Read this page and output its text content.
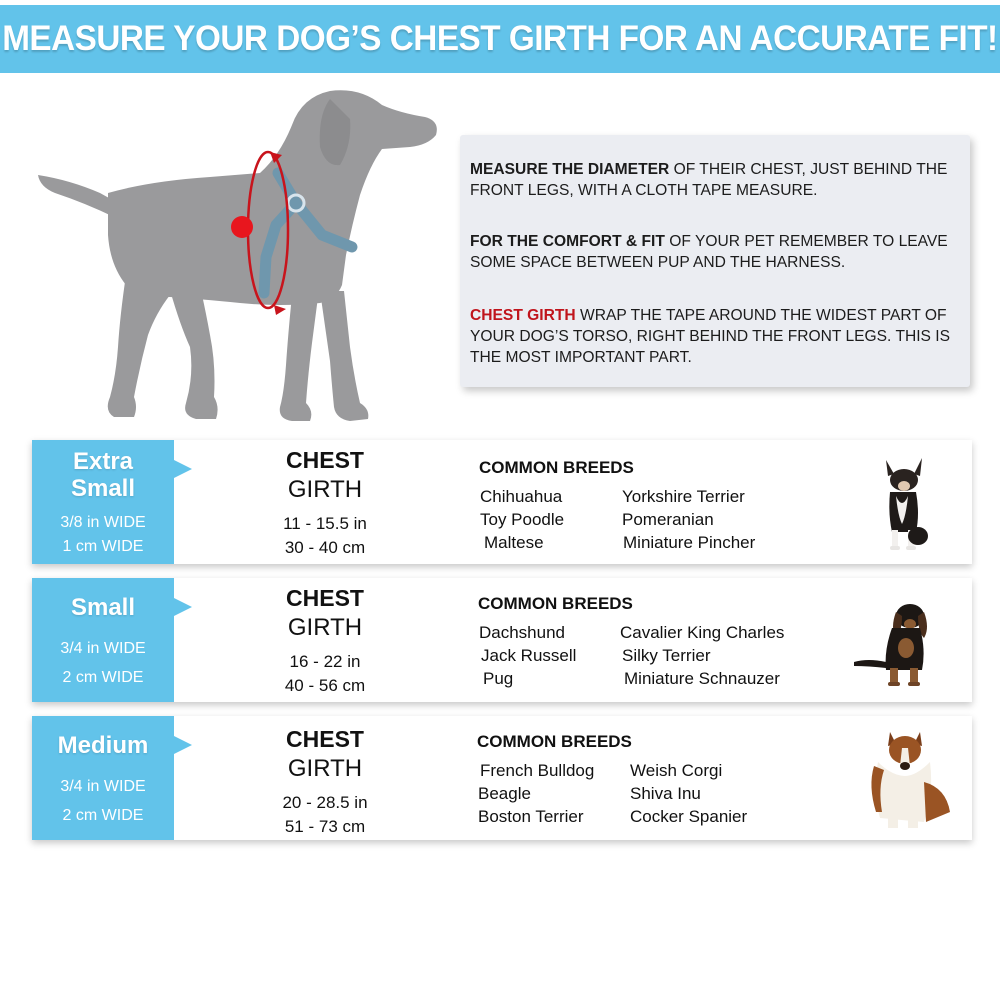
MEASURE YOUR DOG’S CHEST GIRTH FOR AN ACCURATE FIT!

MEASURE THE DIAMETER OF THEIR CHEST, JUST BEHIND THE FRONT LEGS, WITH A CLOTH TAPE MEASURE.

FOR THE COMFORT & FIT OF YOUR PET REMEMBER TO LEAVE SOME SPACE BETWEEN PUP AND THE HARNESS.

CHEST GIRTH WRAP THE TAPE AROUND THE WIDEST PART OF YOUR DOG’S TORSO, RIGHT BEHIND THE FRONT LEGS. THIS IS THE MOST IMPORTANT PART.

Extra
Small
3/8 in WIDE
1 cm WIDE
CHEST
GIRTH
11 - 15.5 in
30 - 40 cm
COMMON BREEDS
Chihuahua	Yorkshire Terrier
Toy Poodle	Pomeranian
Maltese	Miniature Pincher
Small
3/4 in WIDE
2 cm WIDE
CHEST
GIRTH
16 - 22 in
40 - 56 cm
COMMON BREEDS
Dachshund	Cavalier King Charles
Jack Russell	Silky Terrier
Pug	Miniature Schnauzer
Medium
3/4 in WIDE
2 cm WIDE
CHEST
GIRTH
20 - 28.5 in
51 - 73 cm
COMMON BREEDS
French Bulldog Weish Corgi
Beagle	Shiva Inu
Boston Terrier	Cocker Spanier
